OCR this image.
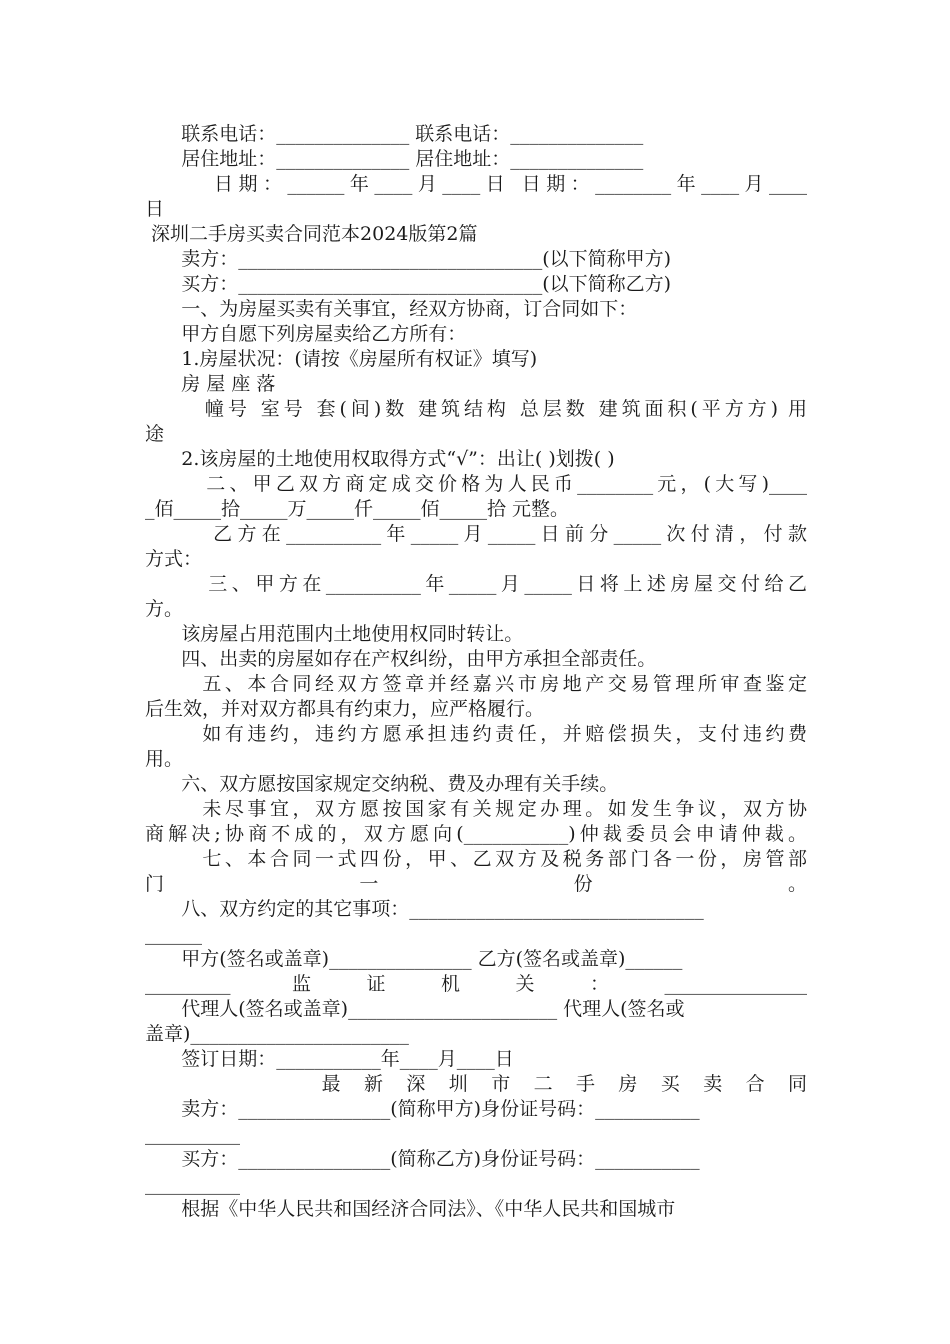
联系电话：______________ 联系电话：______________
居住地址：______________ 居住地址：______________
日期：______年____月____日 日期：________年____月____
日
深圳二手房买卖合同范本2024版第2篇
卖方：________________________________(以下简称甲方)
买方：________________________________(以下简称乙方)
一、为房屋买卖有关事宜，经双方协商，订合同如下：
甲方自愿下列房屋卖给乙方所有：
1.房屋状况：(请按《房屋所有权证》填写)
房 屋 座 落
幢号 室号 套(间)数 建筑结构 总层数 建筑面积(平方方) 用
途
2.该房屋的土地使用权取得方式“√”：出让( )划拨( )
二、甲乙双方商定成交价格为人民币________元，(大写)____
_佰_____拾_____万_____仟_____佰_____拾 元整。
乙方在__________年_____月_____日前分_____次付清，付款
方式：
三、甲方在__________年_____月_____日将上述房屋交付给乙
方。
该房屋占用范围内土地使用权同时转让。
四、出卖的房屋如存在产权纠纷，由甲方承担全部责任。
五、本合同经双方签章并经嘉兴市房地产交易管理所审查鉴定
后生效，并对双方都具有约束力，应严格履行。
如有违约，违约方愿承担违约责任，并赔偿损失，支付违约费
用。
六、双方愿按国家规定交纳税、费及办理有关手续。
未尽事宜，双方愿按国家有关规定办理。如发生争议，双方协
商解决;协商不成的，双方愿向(___________)仲裁委员会申请仲裁。
七、本合同一式四份，甲、乙双方及税务部门各一份，房管部
门一份。
八、双方约定的其它事项：_______________________________
______
甲方(签名或盖章)_______________ 乙方(签名或盖章)______
_________ 监证机关：_______________
代理人(签名或盖章)______________________ 代理人(签名或
盖章)_______________________
签订日期：___________年____月____日
最新深圳市二手房买卖合同
卖方：________________(简称甲方)身份证号码：___________
__________
买方：________________(简称乙方)身份证号码：___________
__________
根据《中华人民共和国经济合同法》、《中华人民共和国城市
